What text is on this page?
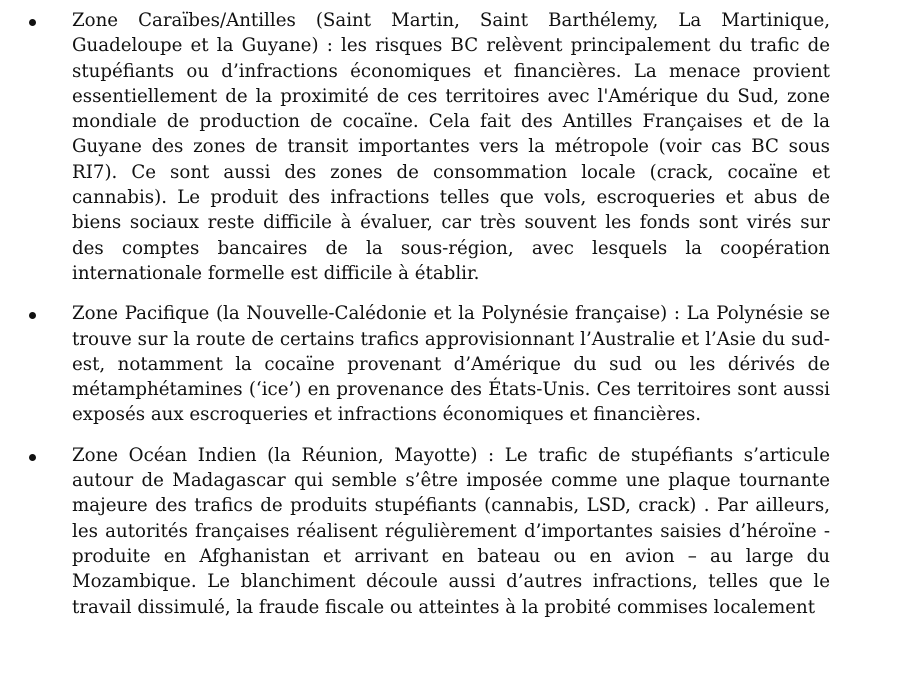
Zone Caraïbes/Antilles (Saint Martin, Saint Barthélemy, La Martinique, Guadeloupe et la Guyane) : les risques BC relèvent principalement du trafic de stupéfiants ou d’infractions économiques et financières. La menace provient essentiellement de la proximité de ces territoires avec l'Amérique du Sud, zone mondiale de production de cocaïne. Cela fait des Antilles Françaises et de la Guyane des zones de transit importantes vers la métropole (voir cas BC sous RI7). Ce sont aussi des zones de consommation locale (crack, cocaïne et cannabis). Le produit des infractions telles que vols, escroqueries et abus de biens sociaux reste difficile à évaluer, car très souvent les fonds sont virés sur des comptes bancaires de la sous-région, avec lesquels la coopération internationale formelle est difficile à établir.

Zone Pacifique (la Nouvelle-Calédonie et la Polynésie française) : La Polynésie se trouve sur la route de certains trafics approvisionnant l’Australie et l’Asie du sud-est, notamment la cocaïne provenant d’Amérique du sud ou les dérivés de métamphétamines (‘ice’) en provenance des États-Unis. Ces territoires sont aussi exposés aux escroqueries et infractions économiques et financières.

Zone Océan Indien (la Réunion, Mayotte) : Le trafic de stupéfiants s’articule autour de Madagascar qui semble s’être imposée comme une plaque tournante majeure des trafics de produits stupéfiants (cannabis, LSD, crack) . Par ailleurs, les autorités françaises réalisent régulièrement d’importantes saisies d’héroïne - produite en Afghanistan et arrivant en bateau ou en avion – au large du Mozambique. Le blanchiment découle aussi d’autres infractions, telles que le travail dissimulé, la fraude fiscale ou atteintes à la probité commises localement
